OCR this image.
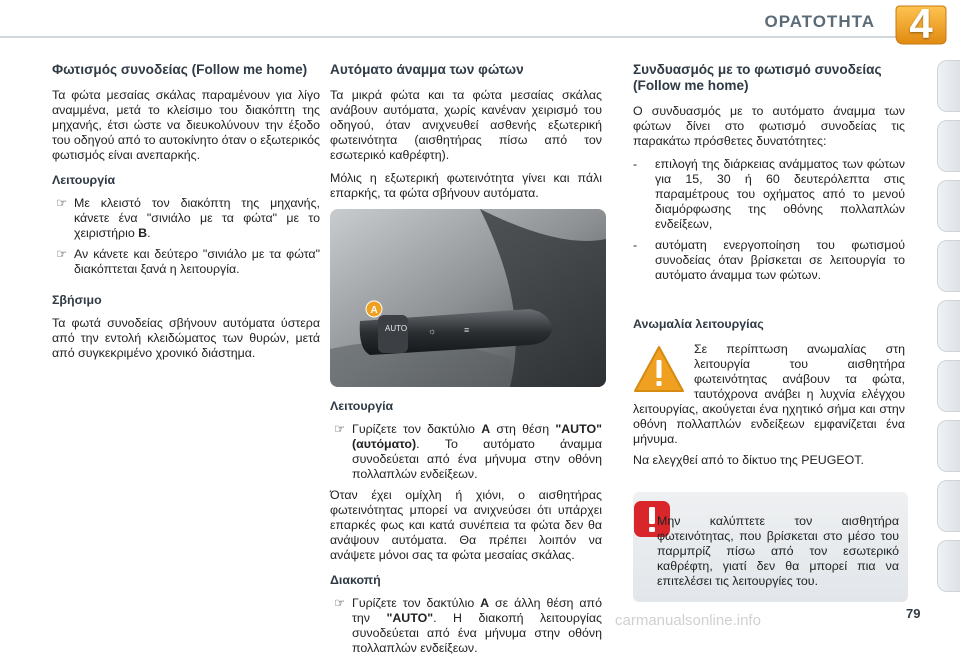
ΟΡΑΤΟΤΗΤΑ 4
Φωτισμός συνοδείας (Follow me home)

Τα φώτα μεσαίας σκάλας παραμένουν για λίγο αναμμένα, μετά το κλείσιμο του διακόπτη της μηχανής, έτσι ώστε να διευκολύνουν την έξοδο του οδηγού από το αυτοκίνητο όταν ο εξωτερικός φωτισμός είναι ανεπαρκής.

Λειτουργία
☞ Με κλειστό τον διακόπτη της μηχανής, κάνετε ένα "σινιάλο με τα φώτα" με το χειριστήριο B.
☞ Αν κάνετε και δεύτερο "σινιάλο με τα φώτα" διακόπτεται ξανά η λειτουργία.
Σβήσιμο

Τα φωτά συνοδείας σβήνουν αυτόματα ύστερα από την εντολή κλειδώματος των θυρών, μετά από συγκεκριμένο χρονικό διάστημα.

Αυτόματο άναμμα των φώτων

Τα μικρά φώτα και τα φώτα μεσαίας σκάλας ανάβουν αυτόματα, χωρίς κανέναν χειρισμό του οδηγού, όταν ανιχνευθεί ασθενής εξωτερική φωτεινότητα (αισθητήρας πίσω από τον εσωτερικό καθρέφτη).

Μόλις η εξωτερική φωτεινότητα γίνει και πάλι επαρκής, τα φώτα σβήνουν αυτόματα.

AUTO ☼	≡
A
Λειτουργία
☞ Γυρίζετε τον δακτύλιο A στη θέση "AUTO" (αυτόματο). Το αυτόματο άναμμα συνοδεύεται από ένα μήνυμα στην οθόνη πολλαπλών ενδείξεων.

Όταν έχει ομίχλη ή χιόνι, ο αισθητήρας φωτεινότητας μπορεί να ανιχνεύσει ότι υπάρχει επαρκές φως και κατά συνέπεια τα φώτα δεν θα ανάψουν αυτόματα. Θα πρέπει λοιπόν να ανάψετε μόνοι σας τα φώτα μεσαίας σκάλας.

Διακοπή
☞ Γυρίζετε τον δακτύλιο A σε άλλη θέση από την "AUTO". Η διακοπή λειτουργίας συνοδεύεται από ένα μήνυμα στην οθόνη πολλαπλών ενδείξεων.
Συνδυασμός με το φωτισμό συνοδείας (Follow me home)

Ο συνδυασμός με το αυτόματο άναμμα των φώτων δίνει στο φωτισμό συνοδείας τις παρακάτω πρόσθετες δυνατότητες:

- επιλογή της διάρκειας ανάμματος των φώτων για 15, 30 ή 60 δευτερόλεπτα στις παραμέτρους του οχήματος από το μενού διαμόρφωσης της οθόνης πολλαπλών ενδείξεων,
- αυτόματη ενεργοποίηση του φωτισμού συνοδείας όταν βρίσκεται σε λειτουργία το αυτόματο άναμμα των φώτων.
Ανωμαλία λειτουργίας
Σε περίπτωση ανωμαλίας στη λειτουργία του αισθητήρα φωτεινότητας ανάβουν τα φώτα, ταυτόχρονα ανάβει η λυχνία ελέγχου λειτουργίας, ακούγεται ένα ηχητικό σήμα και στην οθόνη πολλαπλών ενδείξεων εμφανίζεται ένα μήνυμα.

Να ελεγχθεί από το δίκτυο της PEUGEOT.

Μην καλύπτετε τον αισθητήρα φωτεινότητας, που βρίσκεται στο μέσο του παρμπρίζ πίσω από τον εσωτερικό καθρέφτη, γιατί δεν θα μπορεί πια να επιτελέσει τις λειτουργίες του.
carmanualsonline.info	79
